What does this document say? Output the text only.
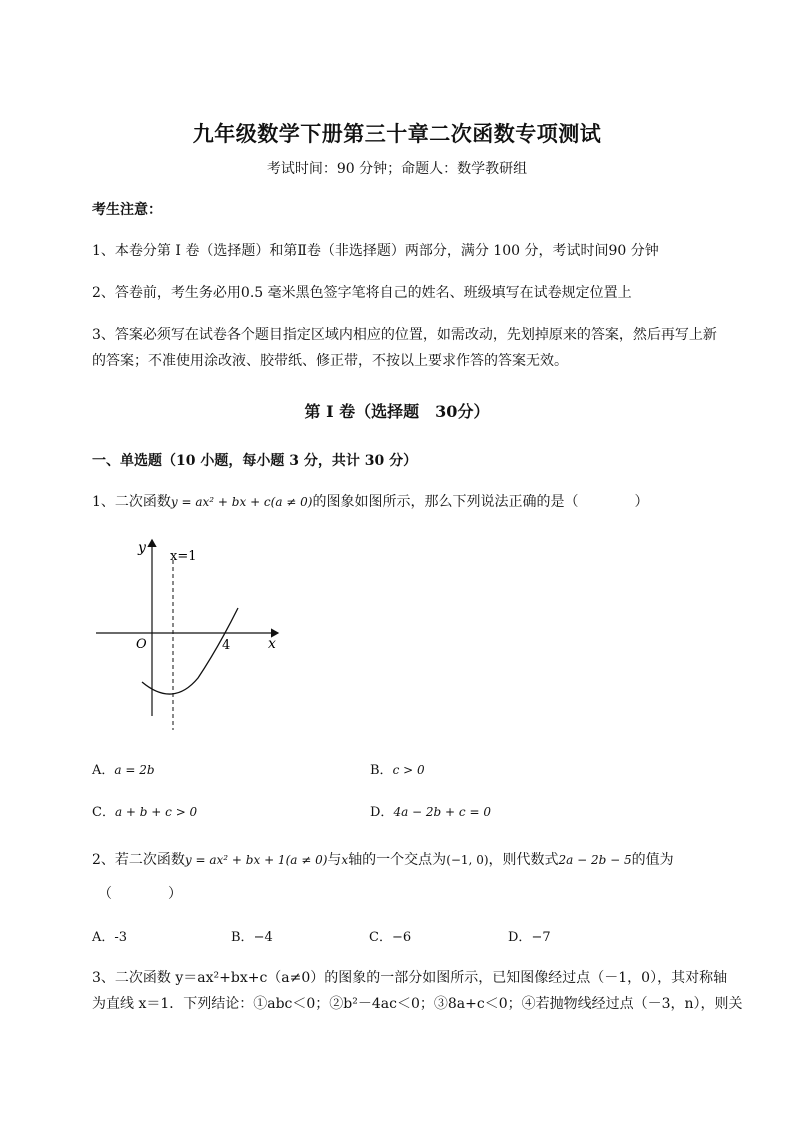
九年级数学下册第三十章二次函数专项测试
考试时间：90 分钟；命题人：数学教研组
考生注意：
1、本卷分第 I 卷（选择题）和第Ⅱ卷（非选择题）两部分，满分 100 分，考试时间90 分钟
2、答卷前，考生务必用0.5 毫米黑色签字笔将自己的姓名、班级填写在试卷规定位置上
3、答案必须写在试卷各个题目指定区域内相应的位置，如需改动，先划掉原来的答案，然后再写上新
的答案；不准使用涂改液、胶带纸、修正带，不按以上要求作答的答案无效。
第 I 卷（选择题　30分）
一、单选题（10 小题，每小题 3 分，共计 30 分）
1、二次函数y = ax² + bx + c(a ≠ 0)的图象如图所示，那么下列说法正确的是（　　　　）
y
x
O
x=1
4
A．a = 2b	B．c > 0
C．a + b + c > 0	D．4a − 2b + c = 0
2、若二次函数y = ax² + bx + 1(a ≠ 0)与x轴的一个交点为(−1, 0)，则代数式2a − 2b − 5的值为
（　　　　）
A．-3	B．−4	C．−6	D．−7
3、二次函数 y＝ax²+bx+c（a≠0）的图象的一部分如图所示，已知图像经过点（－1，0），其对称轴
为直线 x＝1．下列结论：①abc＜0；②b²－4ac＜0；③8a+c＜0；④若抛物线经过点（－3，n），则关
